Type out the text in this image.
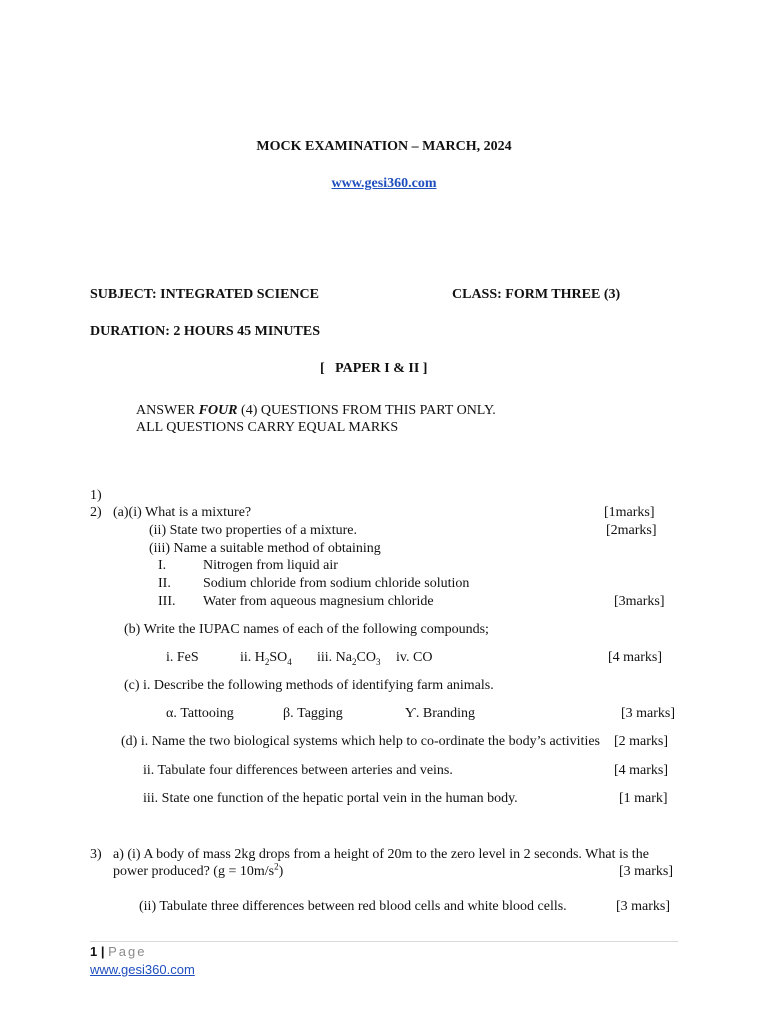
MOCK EXAMINATION – MARCH, 2024
www.gesi360.com
SUBJECT: INTEGRATED SCIENCE	CLASS: FORM THREE (3)
DURATION: 2 HOURS 45 MINUTES
[   PAPER I & II ]
ANSWER FOUR (4) QUESTIONS FROM THIS PART ONLY.
ALL QUESTIONS CARRY EQUAL MARKS
1)
2) (a)(i) What is a mixture?	[1marks]
(ii) State two properties of a mixture.	[2marks]
(iii) Name a suitable method of obtaining
I.	Nitrogen from liquid air
II. Sodium chloride from sodium chloride solution
III. Water from aqueous magnesium chloride	[3marks]
(b) Write the IUPAC names of each of the following compounds;
i. FeS	ii. $H_2SO_4$ iii. $Na_2CO_3$ iv. CO	[4 marks]
(c) i. Describe the following methods of identifying farm animals.
α. Tattooing	β. Tagging	Ƴ. Branding	[3 marks]
(d) i. Name the two biological systems which help to co-ordinate the body’s activities [2 marks]
ii. Tabulate four differences between arteries and veins.	[4 marks]
iii. State one function of the hepatic portal vein in the human body.	[1 mark]
3) a) (i) A body of mass 2kg drops from a height of 20m to the zero level in 2 seconds. What is the
power produced? $(g = 10m/s^2)$	[3 marks]
(ii) Tabulate three differences between red blood cells and white blood cells.	[3 marks]
1 | Page
www.gesi360.com
